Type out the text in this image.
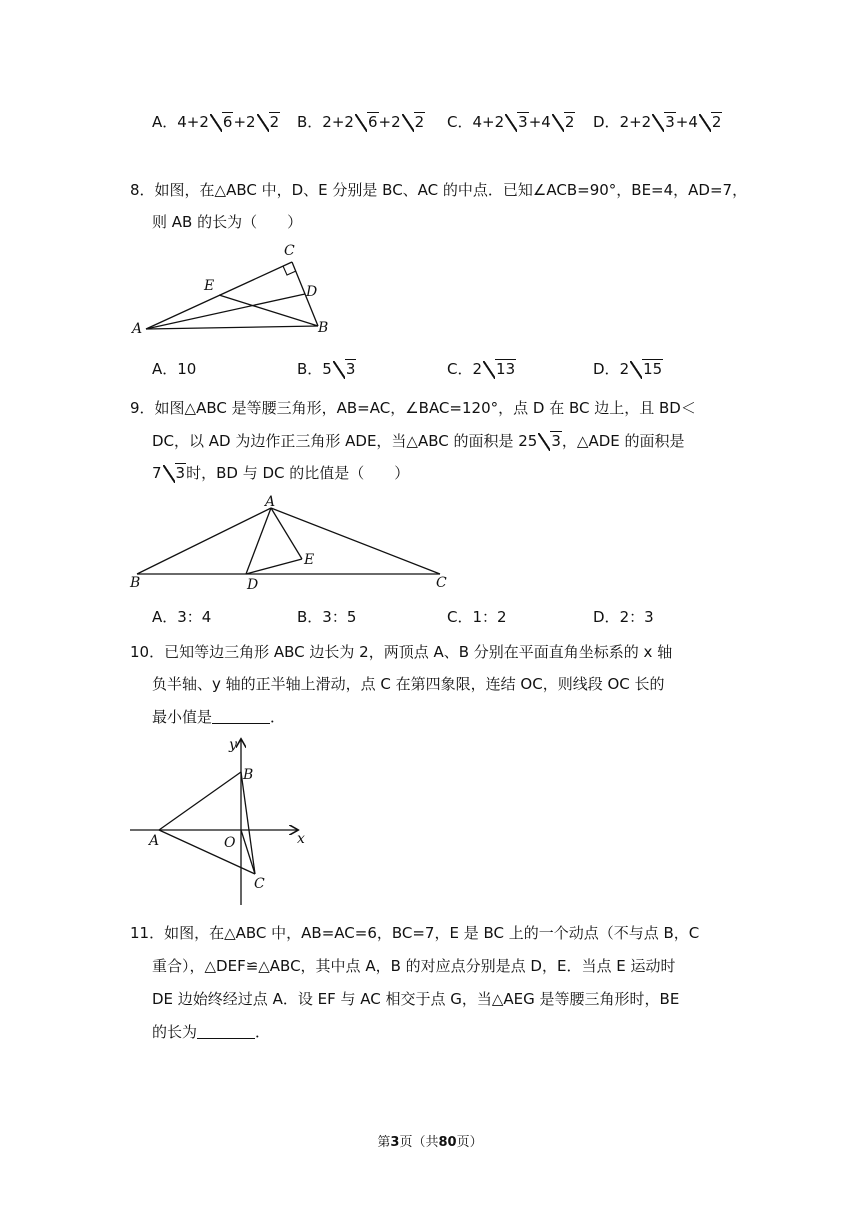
A．4+2 6+2 2 B．2+2 6+2 2 C．4+2 3+4 2 D．2+2 3+4 2
8．如图，在△ABC 中，D、E 分别是 BC、AC 的中点．已知∠ACB=90°，BE=4，AD=7，
则 AB 的长为（　　）
A	B
C
D
E
A．10	B．5 3	C．2 13	D．2 15
9．如图△ABC 是等腰三角形，AB=AC，∠BAC=120°，点 D 在 BC 边上，且 BD＜
DC，以 AD 为边作正三角形 ADE，当△ABC 的面积是 25 3，△ADE 的面积是
7 3时，BD 与 DC 的比值是（　　）
A
B	C
D
E
A．3：4	B．3：5	C．1：2	D．2：3
10．已知等边三角形 ABC 边长为 2，两顶点 A、B 分别在平面直角坐标系的 x 轴
负半轴、y 轴的正半轴上滑动，点 C 在第四象限，连结 OC，则线段 OC 长的
最小值是	．
y
x
B
A	O
C
11．如图，在△ABC 中，AB=AC=6，BC=7，E 是 BC 上的一个动点（不与点 B，C
重合），△DEF≌△ABC，其中点 A，B 的对应点分别是点 D，E．当点 E 运动时
DE 边始终经过点 A．设 EF 与 AC 相交于点 G，当△AEG 是等腰三角形时，BE
的长为	．
第3页（共80页）
